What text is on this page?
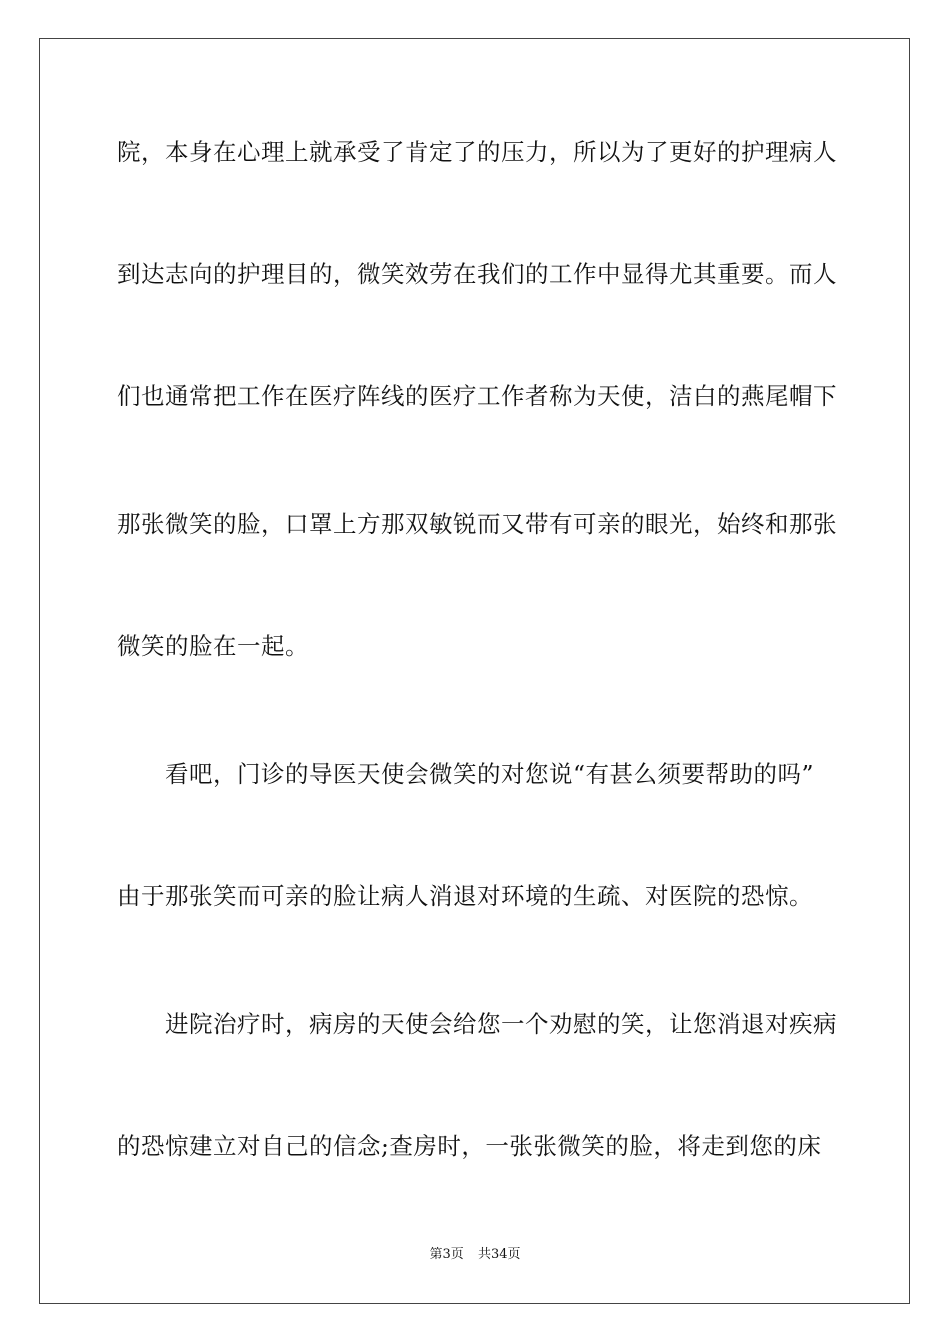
院，本身在心理上就承受了肯定了的压力，所以为了更好的护理病人
到达志向的护理目的，微笑效劳在我们的工作中显得尤其重要。而人
们也通常把工作在医疗阵线的医疗工作者称为天使，洁白的燕尾帽下
那张微笑的脸，口罩上方那双敏锐而又带有可亲的眼光，始终和那张
微笑的脸在一起。
看吧，门诊的导医天使会微笑的对您说“有甚么须要帮助的吗”
由于那张笑而可亲的脸让病人消退对环境的生疏、对医院的恐惊。
进院治疗时，病房的天使会给您一个劝慰的笑，让您消退对疾病
的恐惊建立对自己的信念;查房时，一张张微笑的脸，将走到您的床
第3页 共34页
